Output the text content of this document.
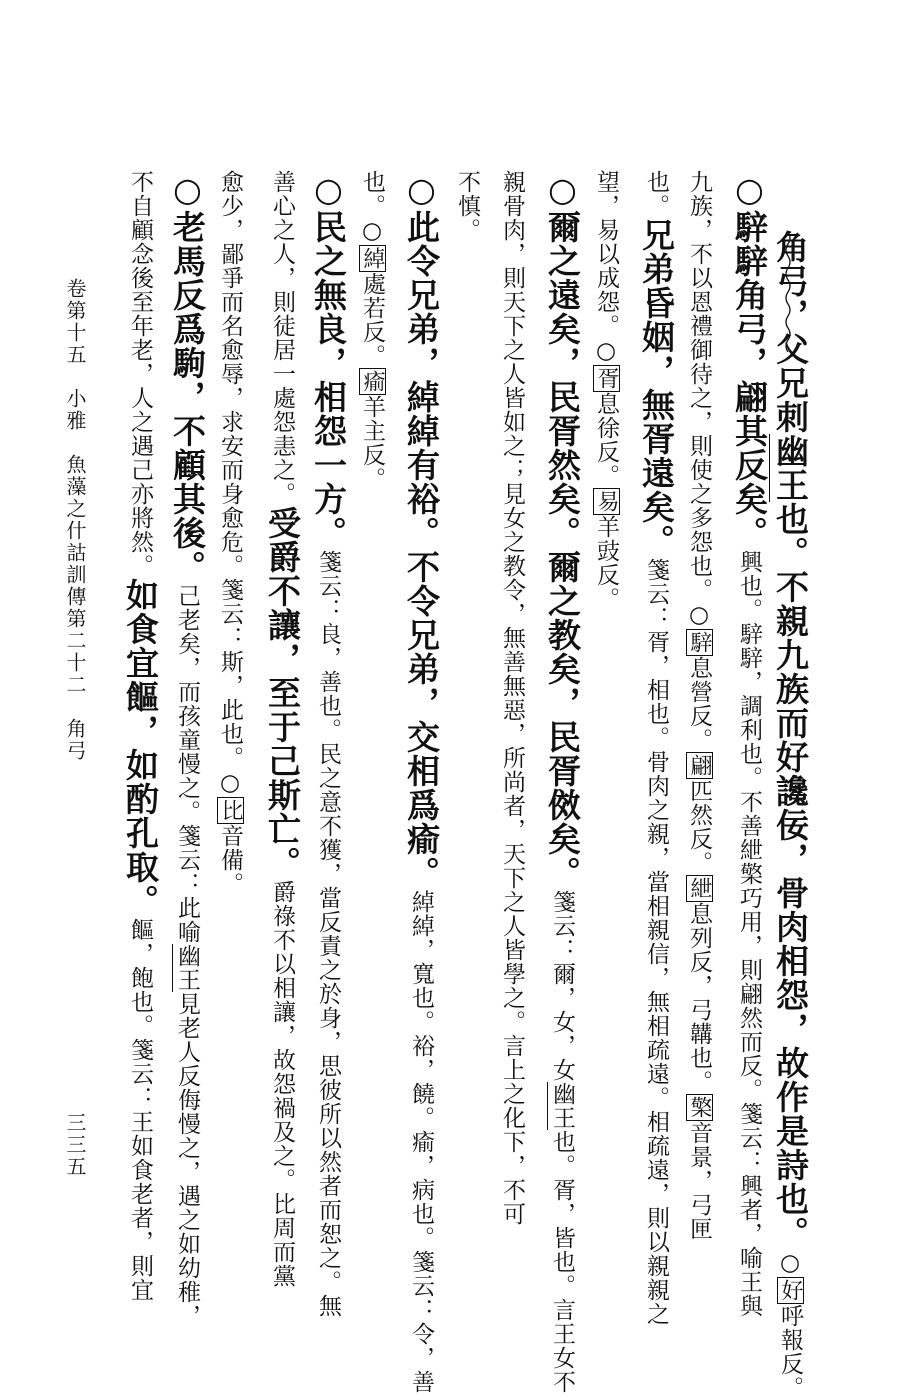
角弓，父兄刺幽王也。不親九族而好讒佞，骨肉相怨，故作是詩也。○好呼報反。
○騂騂角弓，翩其反矣。興也。騂騂，調利也。不善紲檠巧用，則翩然而反。箋云：興者，喻王與
九族，不以恩禮御待之，則使之多怨也。○騂息營反。翩匹然反。紲息列反，弓韝也。檠音景，弓匣
也。兄弟昏姻，無胥遠矣。箋云：胥，相也。骨肉之親，當相親信，無相疏遠。相疏遠，則以親親之
望，易以成怨。○胥息徐反。易羊豉反。
○爾之遠矣，民胥然矣。爾之教矣，民胥傚矣。箋云：爾，女，女幽王也。胥，皆也。言王女不
親骨肉，則天下之人皆如之；見女之教令，無善無惡，所尚者，天下之人皆學之。言上之化下，不可
不慎。
○此令兄弟，綽綽有裕。不令兄弟，交相爲瘉。綽綽，寬也。裕，饒。瘉，病也。箋云：令，善
也。○綽處若反。瘉羊主反。
○民之無良，相怨一方。箋云：良，善也。民之意不獲，當反責之於身，思彼所以然者而恕之。無
善心之人，則徒居一處怨恚之。受爵不讓，至于己斯亡。爵祿不以相讓，故怨禍及之。比周而黨
愈少，鄙爭而名愈辱，求安而身愈危。箋云：斯，此也。○比音備。
○老馬反爲駒，不顧其後。己老矣，而孩童慢之。箋云：此喻幽王見老人反侮慢之，遇之如幼稚，
不自顧念後至年老，人之遇己亦將然。如食宜饇，如酌孔取。饇，飽也。箋云：王如食老者，則宜
卷第十五　小雅　魚藻之什詁訓傳第二十二　角弓
三三五
